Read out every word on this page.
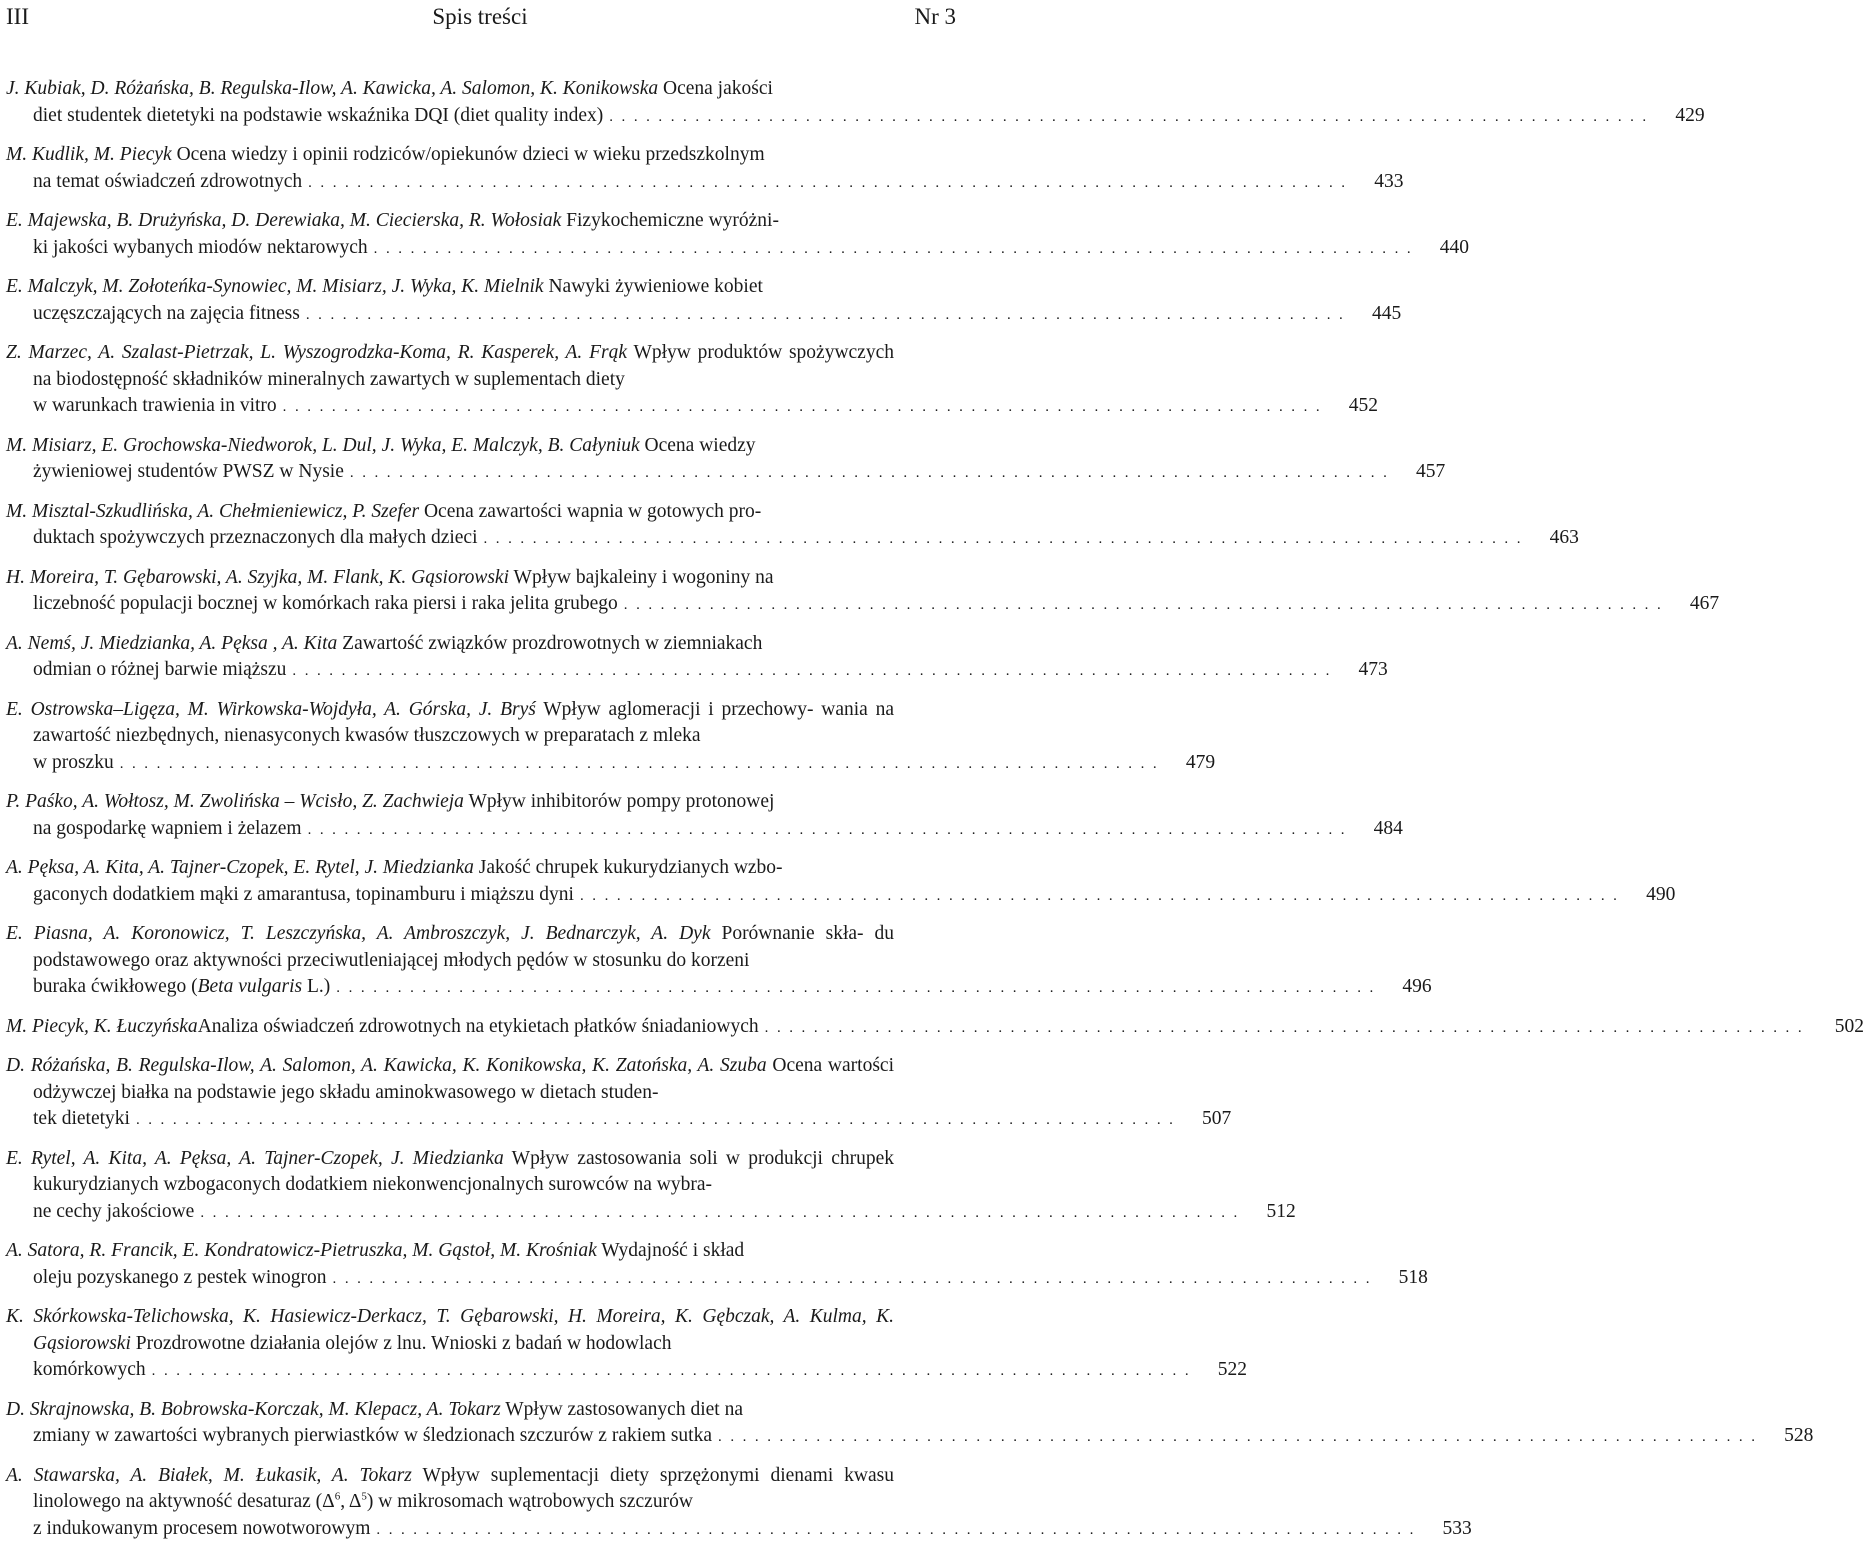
III	Spis treści	Nr 3
J. Kubiak, D. Różańska, B. Regulska-Ilow, A. Kawicka, A. Salomon, K. Konikowska Ocena jakości
diet studentek dietetyki na podstawie wskaźnika DQI (diet quality index) . . . . . . . . . . . . . . . . . . . . . . . . . . . . . . . . . . . . . . . . . . . . . . . . . . . . . . . . . . . . . . . . . . . . . . . . . . . . . . . . . . . . .	429
M. Kudlik, M. Piecyk Ocena wiedzy i opinii rodziców/opiekunów dzieci w wieku przedszkolnym
na temat oświadczeń zdrowotnych . . . . . . . . . . . . . . . . . . . . . . . . . . . . . . . . . . . . . . . . . . . . . . . . . . . . . . . . . . . . . . . . . . . . . . . . . . . . . . . . . . . . .	433
E. Majewska, B. Drużyńska, D. Derewiaka, M. Ciecierska, R. Wołosiak Fizykochemiczne wyróżni-
ki jakości wybanych miodów nektarowych . . . . . . . . . . . . . . . . . . . . . . . . . . . . . . . . . . . . . . . . . . . . . . . . . . . . . . . . . . . . . . . . . . . . . . . . . . . . . . . . . . . . .	440
E. Malczyk, M. Zołoteńka-Synowiec, M. Misiarz, J. Wyka, K. Mielnik Nawyki żywieniowe kobiet
uczęszczających na zajęcia fitness . . . . . . . . . . . . . . . . . . . . . . . . . . . . . . . . . . . . . . . . . . . . . . . . . . . . . . . . . . . . . . . . . . . . . . . . . . . . . . . . . . . . .	445
Z. Marzec, A. Szalast-Pietrzak, L. Wyszogrodzka-Koma, R. Kasperek, A. Frąk Wpływ produktów spożywczych na biodostępność składników mineralnych zawartych w suplementach diety
w warunkach trawienia in vitro . . . . . . . . . . . . . . . . . . . . . . . . . . . . . . . . . . . . . . . . . . . . . . . . . . . . . . . . . . . . . . . . . . . . . . . . . . . . . . . . . . . . .	452
M. Misiarz, E. Grochowska-Niedworok, L. Dul, J. Wyka, E. Malczyk, B. Całyniuk Ocena wiedzy
żywieniowej studentów PWSZ w Nysie . . . . . . . . . . . . . . . . . . . . . . . . . . . . . . . . . . . . . . . . . . . . . . . . . . . . . . . . . . . . . . . . . . . . . . . . . . . . . . . . . . . . .	457
M. Misztal-Szkudlińska, A. Chełmieniewicz, P. Szefer Ocena zawartości wapnia w gotowych pro-
duktach spożywczych przeznaczonych dla małych dzieci . . . . . . . . . . . . . . . . . . . . . . . . . . . . . . . . . . . . . . . . . . . . . . . . . . . . . . . . . . . . . . . . . . . . . . . . . . . . . . . . . . . . .	463
H. Moreira, T. Gębarowski, A. Szyjka, M. Flank, K. Gąsiorowski Wpływ bajkaleiny i wogoniny na
liczebność populacji bocznej w komórkach raka piersi i raka jelita grubego . . . . . . . . . . . . . . . . . . . . . . . . . . . . . . . . . . . . . . . . . . . . . . . . . . . . . . . . . . . . . . . . . . . . . . . . . . . . . . . . . . . . .	467
A. Nemś, J. Miedzianka, A. Pęksa , A. Kita Zawartość związków prozdrowotnych w ziemniakach
odmian o różnej barwie miąższu . . . . . . . . . . . . . . . . . . . . . . . . . . . . . . . . . . . . . . . . . . . . . . . . . . . . . . . . . . . . . . . . . . . . . . . . . . . . . . . . . . . . .	473
E. Ostrowska–Ligęza, M. Wirkowska-Wojdyła, A. Górska, J. Bryś Wpływ aglomeracji i przechowy- wania na zawartość niezbędnych, nienasyconych kwasów tłuszczowych w preparatach z mleka
w proszku . . . . . . . . . . . . . . . . . . . . . . . . . . . . . . . . . . . . . . . . . . . . . . . . . . . . . . . . . . . . . . . . . . . . . . . . . . . . . . . . . . . . .	479
P. Paśko, A. Wołtosz, M. Zwolińska – Wcisło, Z. Zachwieja Wpływ inhibitorów pompy protonowej
na gospodarkę wapniem i żelazem . . . . . . . . . . . . . . . . . . . . . . . . . . . . . . . . . . . . . . . . . . . . . . . . . . . . . . . . . . . . . . . . . . . . . . . . . . . . . . . . . . . . .	484
A. Pęksa, A. Kita, A. Tajner-Czopek, E. Rytel, J. Miedzianka Jakość chrupek kukurydzianych wzbo-
gaconych dodatkiem mąki z amarantusa, topinamburu i miąższu dyni . . . . . . . . . . . . . . . . . . . . . . . . . . . . . . . . . . . . . . . . . . . . . . . . . . . . . . . . . . . . . . . . . . . . . . . . . . . . . . . . . . . . .	490
E. Piasna, A. Koronowicz, T. Leszczyńska, A. Ambroszczyk, J. Bednarczyk, A. Dyk Porównanie skła- du podstawowego oraz aktywności przeciwutleniającej młodych pędów w stosunku do korzeni
buraka ćwikłowego (Beta vulgaris L.) . . . . . . . . . . . . . . . . . . . . . . . . . . . . . . . . . . . . . . . . . . . . . . . . . . . . . . . . . . . . . . . . . . . . . . . . . . . . . . . . . . . . .	496
M. Piecyk, K. Łuczyńska Analiza oświadczeń zdrowotnych na etykietach płatków śniadaniowych . . . . . . . . . . . . . . . . . . . . . . . . . . . . . . . . . . . . . . . . . . . . . . . . . . . . . . . . . . . . . . . . . . . . . . . . . . . . . . . . . . . . .	502
D. Różańska, B. Regulska-Ilow, A. Salomon, A. Kawicka, K. Konikowska, K. Zatońska, A. Szuba Ocena wartości odżywczej białka na podstawie jego składu aminokwasowego w dietach studen-
tek dietetyki . . . . . . . . . . . . . . . . . . . . . . . . . . . . . . . . . . . . . . . . . . . . . . . . . . . . . . . . . . . . . . . . . . . . . . . . . . . . . . . . . . . . .	507
E. Rytel, A. Kita, A. Pęksa, A. Tajner-Czopek, J. Miedzianka Wpływ zastosowania soli w produkcji chrupek kukurydzianych wzbogaconych dodatkiem niekonwencjonalnych surowców na wybra-
ne cechy jakościowe . . . . . . . . . . . . . . . . . . . . . . . . . . . . . . . . . . . . . . . . . . . . . . . . . . . . . . . . . . . . . . . . . . . . . . . . . . . . . . . . . . . . .	512
A. Satora, R. Francik, E. Kondratowicz-Pietruszka, M. Gąstoł, M. Krośniak Wydajność i skład
oleju pozyskanego z pestek winogron . . . . . . . . . . . . . . . . . . . . . . . . . . . . . . . . . . . . . . . . . . . . . . . . . . . . . . . . . . . . . . . . . . . . . . . . . . . . . . . . . . . . .	518
K. Skórkowska-Telichowska, K. Hasiewicz-Derkacz, T. Gębarowski, H. Moreira, K. Gębczak, A. Kulma, K. Gąsiorowski Prozdrowotne działania olejów z lnu. Wnioski z badań w hodowlach
komórkowych . . . . . . . . . . . . . . . . . . . . . . . . . . . . . . . . . . . . . . . . . . . . . . . . . . . . . . . . . . . . . . . . . . . . . . . . . . . . . . . . . . . . .	522
D. Skrajnowska, B. Bobrowska-Korczak, M. Klepacz, A. Tokarz Wpływ zastosowanych diet na
zmiany w zawartości wybranych pierwiastków w śledzionach szczurów z rakiem sutka . . . . . . . . . . . . . . . . . . . . . . . . . . . . . . . . . . . . . . . . . . . . . . . . . . . . . . . . . . . . . . . . . . . . . . . . . . . . . . . . . . . . .	528
A. Stawarska, A. Białek, M. Łukasik, A. Tokarz Wpływ suplementacji diety sprzężonymi dienami kwasu linolowego na aktywność desaturaz ($\Delta^6$, $\Delta^5$) w mikrosomach wątrobowych szczurów
z indukowanym procesem nowotworowym . . . . . . . . . . . . . . . . . . . . . . . . . . . . . . . . . . . . . . . . . . . . . . . . . . . . . . . . . . . . . . . . . . . . . . . . . . . . . . . . . . . . .	533
